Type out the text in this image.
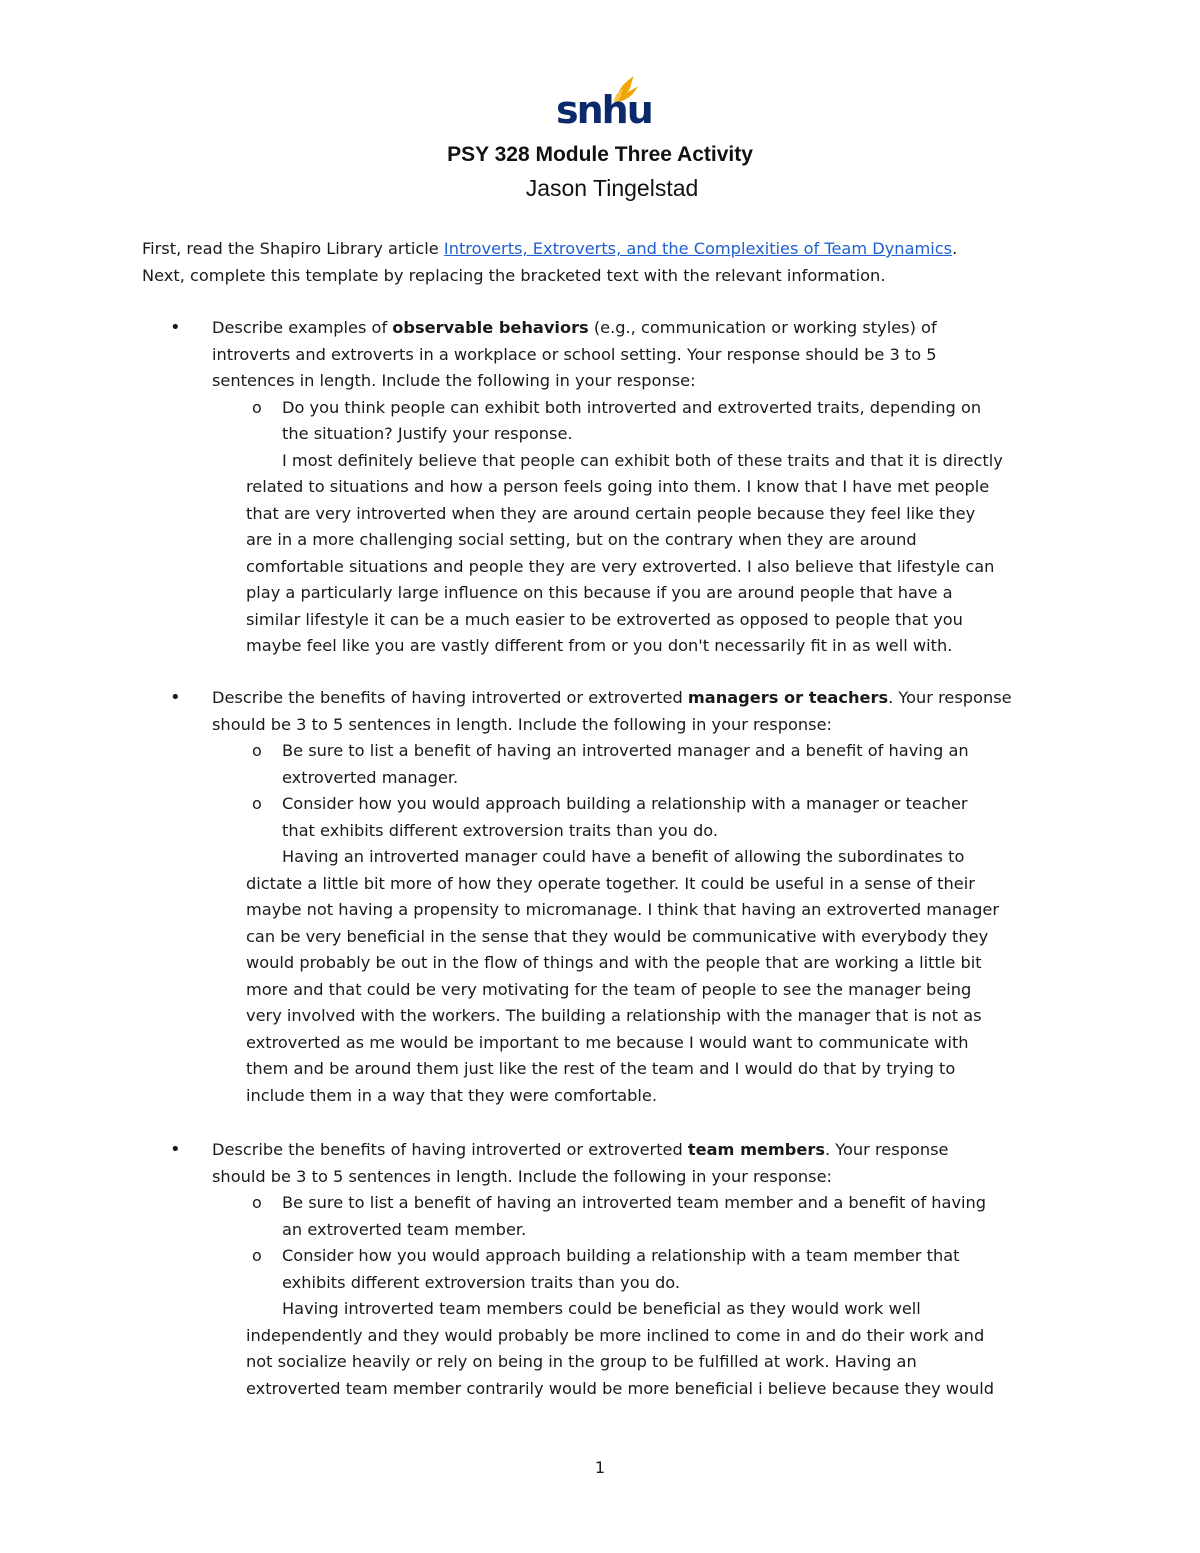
snhu
PSY 328 Module Three Activity
Jason Tingelstad

First, read the Shapiro Library article Introverts, Extroverts, and the Complexities of Team Dynamics.

Next, complete this template by replacing the bracketed text with the relevant information.

• Describe examples of observable behaviors (e.g., communication or working styles) of
introverts and extroverts in a workplace or school setting. Your response should be 3 to 5
sentences in length. Include the following in your response:
o Do you think people can exhibit both introverted and extroverted traits, depending on
the situation? Justify your response.
I most definitely believe that people can exhibit both of these traits and that it is directly
related to situations and how a person feels going into them. I know that I have met people
that are very introverted when they are around certain people because they feel like they
are in a more challenging social setting, but on the contrary when they are around
comfortable situations and people they are very extroverted. I also believe that lifestyle can
play a particularly large influence on this because if you are around people that have a
similar lifestyle it can be a much easier to be extroverted as opposed to people that you
maybe feel like you are vastly different from or you don't necessarily fit in as well with.
• Describe the benefits of having introverted or extroverted managers or teachers. Your response
should be 3 to 5 sentences in length. Include the following in your response:
o Be sure to list a benefit of having an introverted manager and a benefit of having an
extroverted manager.
o Consider how you would approach building a relationship with a manager or teacher
that exhibits different extroversion traits than you do.
Having an introverted manager could have a benefit of allowing the subordinates to
dictate a little bit more of how they operate together. It could be useful in a sense of their
maybe not having a propensity to micromanage. I think that having an extroverted manager
can be very beneficial in the sense that they would be communicative with everybody they
would probably be out in the flow of things and with the people that are working a little bit
more and that could be very motivating for the team of people to see the manager being
very involved with the workers. The building a relationship with the manager that is not as
extroverted as me would be important to me because I would want to communicate with
them and be around them just like the rest of the team and I would do that by trying to
include them in a way that they were comfortable.
• Describe the benefits of having introverted or extroverted team members. Your response
should be 3 to 5 sentences in length. Include the following in your response:
o Be sure to list a benefit of having an introverted team member and a benefit of having
an extroverted team member.
o Consider how you would approach building a relationship with a team member that
exhibits different extroversion traits than you do.
Having introverted team members could be beneficial as they would work well
independently and they would probably be more inclined to come in and do their work and
not socialize heavily or rely on being in the group to be fulfilled at work. Having an
extroverted team member contrarily would be more beneficial i believe because they would
1
